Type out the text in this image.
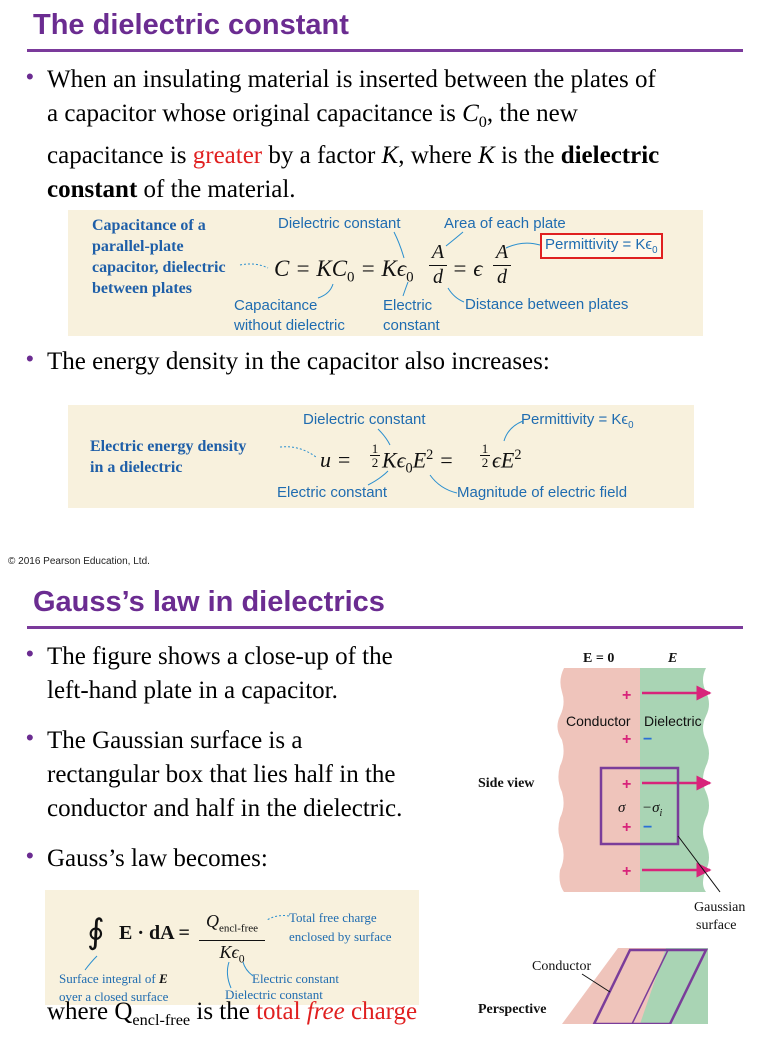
The dielectric constant
• When an insulating material is inserted between the plates of
a capacitor whose original capacitance is $C_0$, the new
capacitance is greater by a factor K, where K is the dielectric
constant of the material.
Capacitance of a
parallel-plate
capacitor, dielectric
between plates
Dielectric constant	Area of each plate
Permittivity = $K\epsilon_0$
$C = KC_0 = K\epsilon_0$
A
d = ϵ
A
d
Capacitance
without dielectric
Electric
constant
Distance between plates
• The energy density in the capacitor also increases:
Electric energy density
in a dielectric
Dielectric constant	Permittivity = $K\epsilon_0$
u = 1
2 $K\epsilon_0E^2 = 1$
2 $\epsilon E^2$
Electric constant	Magnitude of electric field
© 2016 Pearson Education, Ltd.
Gauss’s law in dielectrics
• The figure shows a close-up of the
left-hand plate in a capacitor.
• The Gaussian surface is a
rectangular box that lies half in the
conductor and half in the dielectric.
• Gauss’s law becomes:
∮ E · dA =
$Q_{encl-free}$
$K\epsilon_0$
Total free charge
enclosed by surface
Surface integral of E
over a closed surface
Electric constant
Dielectric constant
where $Q_{encl-free}$ is the total free charge
+
+
+
+
+
−
−
E = 0	E
Conductor Dielectric
Side view
$\sigma -\sigma_i$
Gaussian
surface
Conductor
Perspective
